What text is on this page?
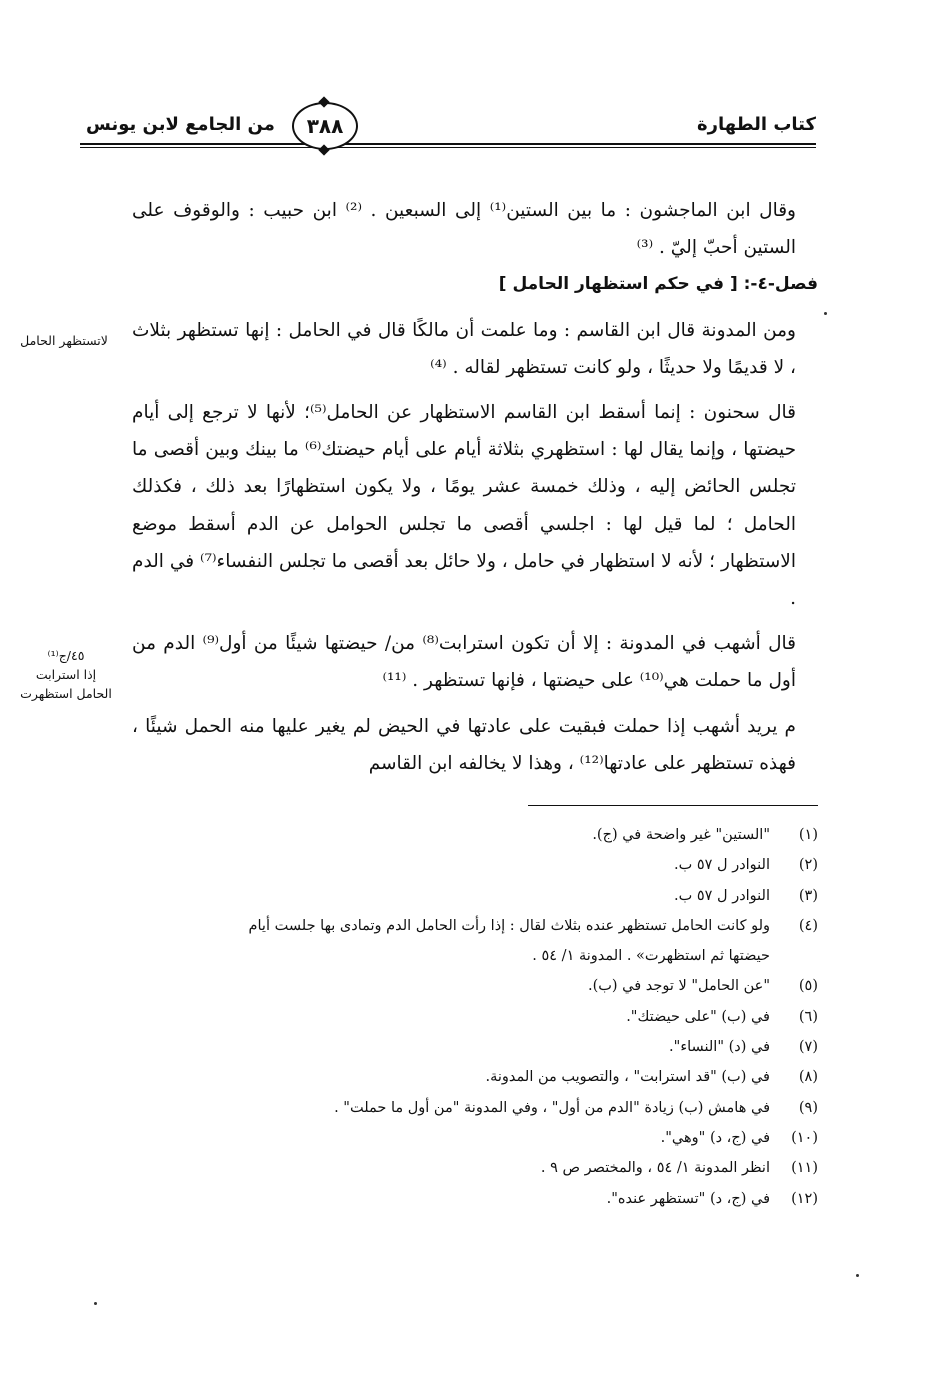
كتاب الطهارة
٣٨٨
من الجامع لابن يونس

وقال ابن الماجشون : ما بين الستين⁽¹⁾ إلى السبعين . ⁽²⁾ ابن حبيب : والوقوف على الستين أحبّ إليّ . ⁽³⁾

فصل-٤-: [ في حكم استظهار الحامل ]

ومن المدونة قال ابن القاسم : وما علمت أن مالكًا قال في الحامل : إنها تستظهر بثلاث ، لا قديمًا ولا حديثًا ، ولو كانت تستظهر لقاله . ⁽⁴⁾

قال سحنون : إنما أسقط ابن القاسم الاستظهار عن الحامل⁽⁵⁾؛ لأنها لا ترجع إلى أيام حيضتها ، وإنما يقال لها : استظهري بثلاثة أيام على أيام حيضتك⁽⁶⁾ ما بينك وبين أقصى ما تجلس الحائض إليه ، وذلك خمسة عشر يومًا ، ولا يكون استظهارًا بعد ذلك ، فكذلك الحامل ؛ لما قيل لها : اجلسي أقصى ما تجلس الحوامل عن الدم أسقط موضع الاستظهار ؛ لأنه لا استظهار في حامل ، ولا حائل بعد أقصى ما تجلس النفساء⁽⁷⁾ في الدم .

قال أشهب في المدونة : إلا أن تكون استرابت⁽⁸⁾ من/ حيضتها شيئًا من أول⁽⁹⁾ الدم من أول ما حملت هي⁽¹⁰⁾ على حيضتها ، فإنها تستظهر . ⁽¹¹⁾

م يريد أشهب إذا حملت فبقيت على عادتها في الحيض لم يغير عليها منه الحمل شيئًا ، فهذه تستظهر على عادتها⁽¹²⁾ ، وهذا لا يخالفه ابن القاسم

لاتستظهر الحامل
٤٥/ج⁽¹⁾
إذا استرابت
الحامل استظهرت

(١)"الستين" غير واضحة في (ج).

(٢)النوادر ل ٥٧ ب.

(٣)النوادر ل ٥٧ ب.

(٤)ولو كانت الحامل تستظهر عنده بثلاث لقال : إذا رأت الحامل الدم وتمادى بها جلست أيام

حيضتها ثم استظهرت» . المدونة ١/ ٥٤ .

(٥)"عن الحامل" لا توجد في (ب).

(٦)في (ب) "على حيضتك".

(٧)في (د) "النساء".

(٨)في (ب) "قد استرابت" ، والتصويب من المدونة.

(٩)في هامش (ب) زيادة "الدم من أول" ، وفي المدونة "من أول ما حملت" .

(١٠)في (ج، د) "وهي".

(١١)انظر المدونة ١/ ٥٤ ، والمختصر ص ٩ .

(١٢)في (ج، د) "تستظهر عنده".
